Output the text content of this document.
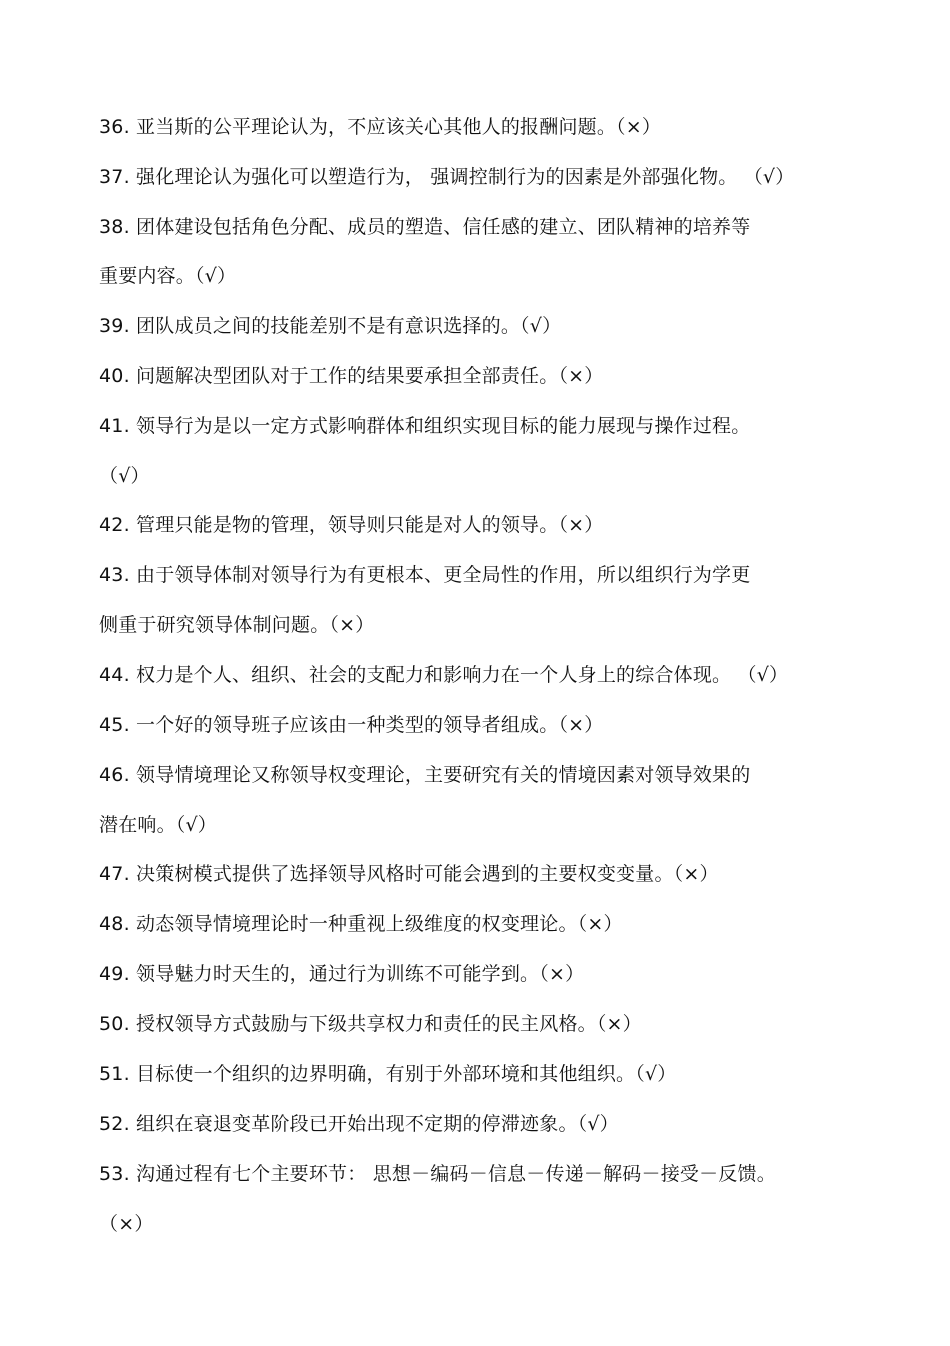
36. 亚当斯的公平理论认为，不应该关心其他人的报酬问题。（×）
37. 强化理论认为强化可以塑造行为， 强调控制行为的因素是外部强化物。 （√）
38. 团体建设包括角色分配、成员的塑造、信任感的建立、团队精神的培养等
重要内容。（√）
39. 团队成员之间的技能差别不是有意识选择的。（√）
40. 问题解决型团队对于工作的结果要承担全部责任。（×）
41. 领导行为是以一定方式影响群体和组织实现目标的能力展现与操作过程。
（√）
42. 管理只能是物的管理，领导则只能是对人的领导。（×）
43. 由于领导体制对领导行为有更根本、更全局性的作用，所以组织行为学更
侧重于研究领导体制问题。（×）
44. 权力是个人、组织、社会的支配力和影响力在一个人身上的综合体现。 （√）
45. 一个好的领导班子应该由一种类型的领导者组成。（×）
46. 领导情境理论又称领导权变理论，主要研究有关的情境因素对领导效果的
潜在响。（√）
47. 决策树模式提供了选择领导风格时可能会遇到的主要权变变量。（×）
48. 动态领导情境理论时一种重视上级维度的权变理论。（×）
49. 领导魅力时天生的，通过行为训练不可能学到。（×）
50. 授权领导方式鼓励与下级共享权力和责任的民主风格。（×）
51. 目标使一个组织的边界明确，有别于外部环境和其他组织。（√）
52. 组织在衰退变革阶段已开始出现不定期的停滞迹象。（√）
53. 沟通过程有七个主要环节： 思想－编码－信息－传递－解码－接受－反馈。
（×）
